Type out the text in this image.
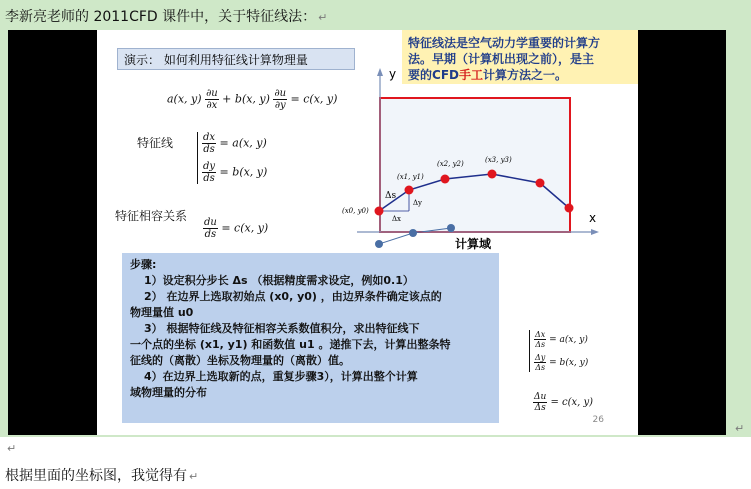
李新亮老师的 2011CFD 课件中，关于特征线法： ↵
演示： 如何利用特征线计算物理量
特征线法是空气动力学重要的计算方
法。早期（计算机出现之前），是主
要的CFD手工计算方法之一。
a(x, $y) \frac{\partial u}{\partial x} + b(x$, $y) \frac{\partial u}{\partial y} = c(x$, y)
特征线	$\frac{dx}{ds} = a(x$, y)
$\frac{dy}{ds} = b(x$, y)
特征相容关系
$\frac{du}{ds} = c(x$, y)
y
x
计算域
(x0, y0)
(x1, y1)
(x2, y2)	(x3, y3)
Δs
Δx
Δy

步骤:

1）设定积分步长 Δs （根据精度需求设定，例如0.1）

2） 在边界上选取初始点 (x0, y0) ，由边界条件确定该点的

物理量值 u0

3） 根据特征线及特征相容关系数值积分，求出特征线下

一个点的坐标 (x1, y1) 和函数值 u1 。递推下去，计算出整条特

征线的（离散）坐标及物理量的（离散）值。

4）在边界上选取新的点，重复步骤3），计算出整个计算

域物理量的分布

$\frac{\Delta x}{\Delta s} = a(x$, y)
$\frac{\Delta y}{\Delta s} = b(x$, y)
$\frac{\Delta u}{\Delta s} = c(x$, y)
26
↵
↵
根据里面的坐标图，我觉得有 ↵
